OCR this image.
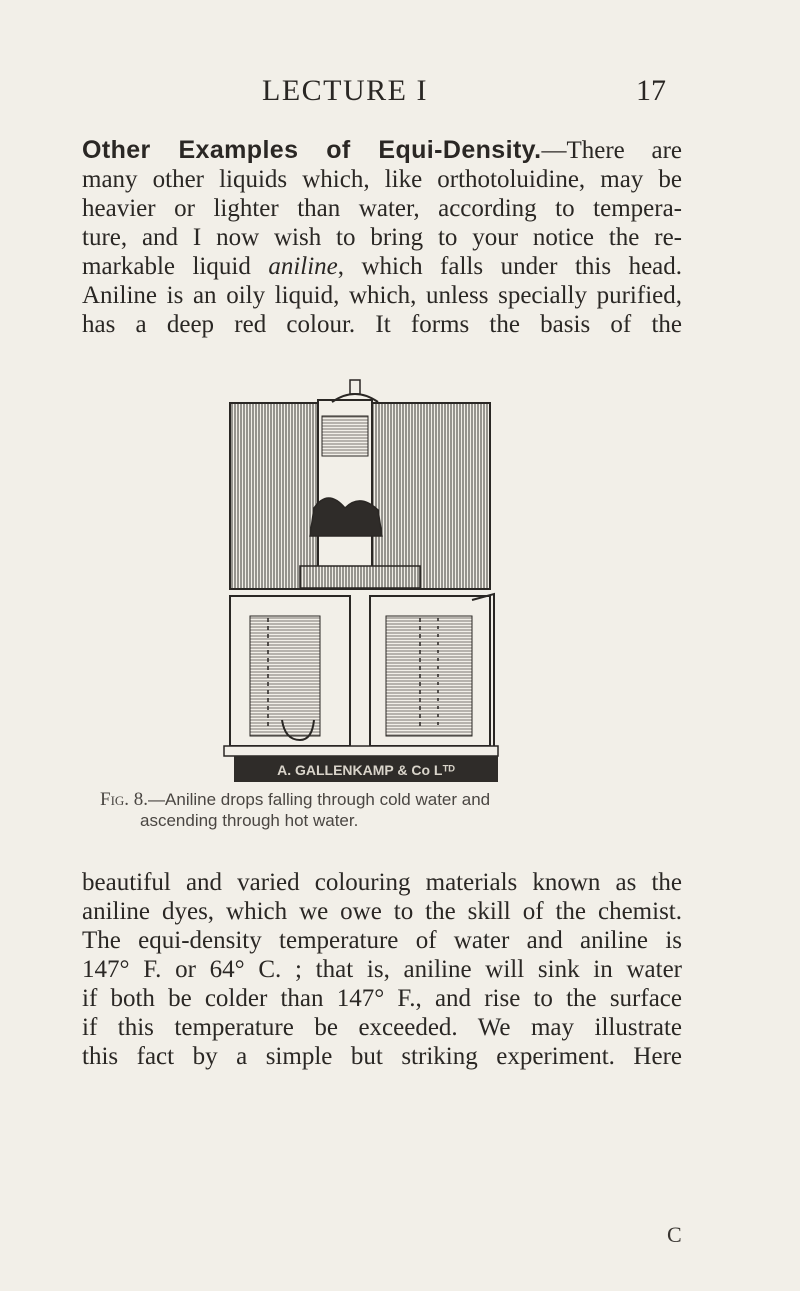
LECTURE I	17
Other Examples of Equi-Density.—There are
many other liquids which, like orthotoluidine, may be
heavier or lighter than water, according to tempera-
ture, and I now wish to bring to your notice the re-
markable liquid aniline, which falls under this head.
Aniline is an oily liquid, which, unless specially purified,
has a deep red colour. It forms the basis of the
A. GALLENKAMP & Co Lᵀᴰ
Fig. 8.—Aniline drops falling through cold water and
ascending through hot water.
beautiful and varied colouring materials known as the
aniline dyes, which we owe to the skill of the chemist.
The equi-density temperature of water and aniline is
147° F. or 64° C. ; that is, aniline will sink in water
if both be colder than 147° F., and rise to the surface
if this temperature be exceeded. We may illustrate
this fact by a simple but striking experiment. Here
C
